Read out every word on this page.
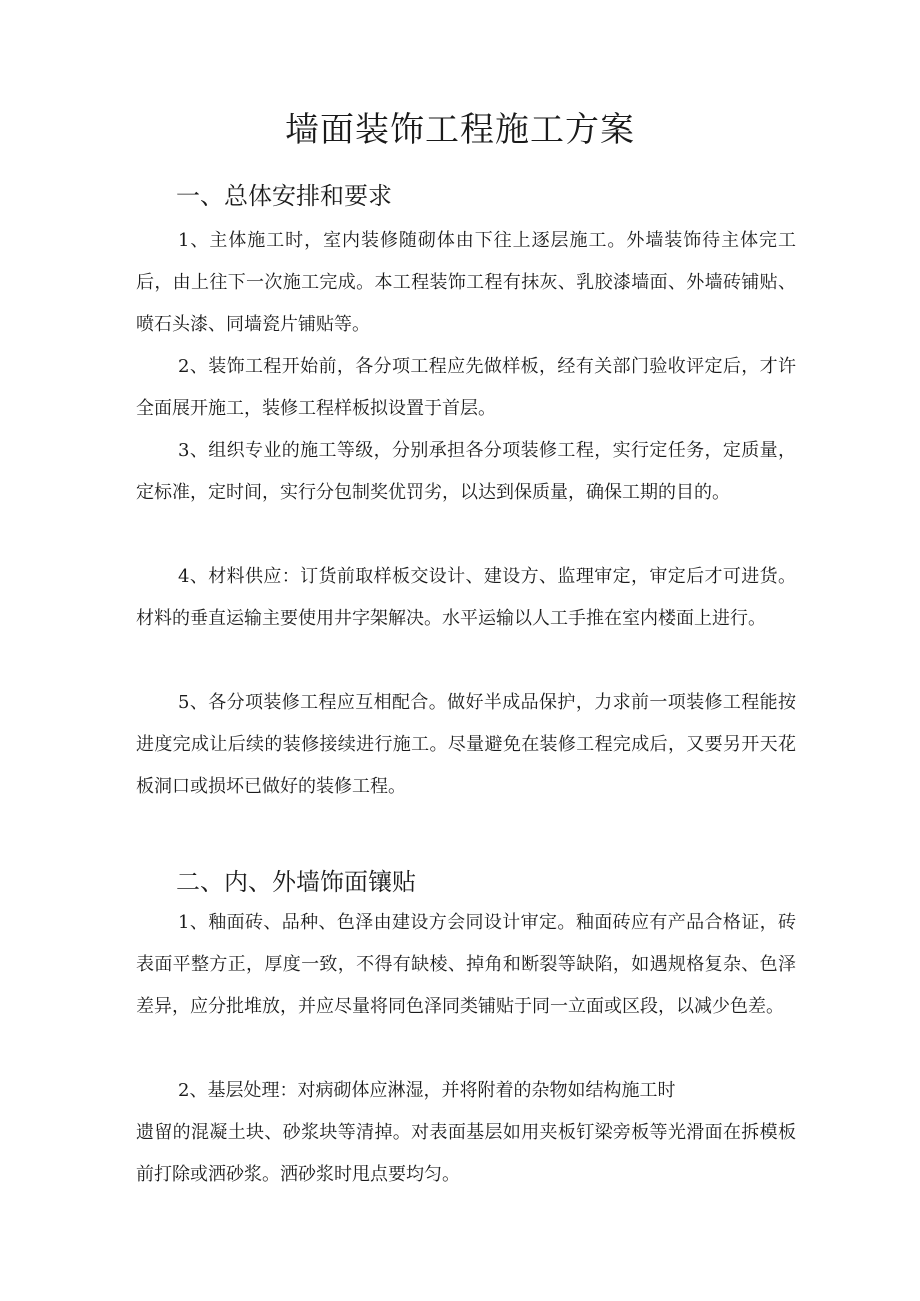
墙面装饰工程施工方案
一、总体安排和要求

1、主体施工时，室内装修随砌体由下往上逐层施工。外墙装饰待主体完工后，由上往下一次施工完成。本工程装饰工程有抹灰、乳胶漆墙面、外墙砖铺贴、喷石头漆、同墙瓷片铺贴等。

2、装饰工程开始前，各分项工程应先做样板，经有关部门验收评定后，才许全面展开施工，装修工程样板拟设置于首层。

3、组织专业的施工等级，分别承担各分项装修工程，实行定任务，定质量，定标准，定时间，实行分包制奖优罚劣，以达到保质量，确保工期的目的。

4、材料供应：订货前取样板交设计、建设方、监理审定，审定后才可进货。材料的垂直运输主要使用井字架解决。水平运输以人工手推在室内楼面上进行。

5、各分项装修工程应互相配合。做好半成品保护，力求前一项装修工程能按进度完成让后续的装修接续进行施工。尽量避免在装修工程完成后，又要另开天花板洞口或损坏已做好的装修工程。

二、内、外墙饰面镶贴

1、釉面砖、品种、色泽由建设方会同设计审定。釉面砖应有产品合格证，砖表面平整方正，厚度一致，不得有缺棱、掉角和断裂等缺陷，如遇规格复杂、色泽差异，应分批堆放，并应尽量将同色泽同类铺贴于同一立面或区段，以减少色差。

2、基层处理：对病砌体应淋湿，并将附着的杂物如结构施工时

遗留的混凝土块、砂浆块等清掉。对表面基层如用夹板钉梁旁板等光滑面在拆模板前打除或洒砂浆。洒砂浆时甩点要均匀。
